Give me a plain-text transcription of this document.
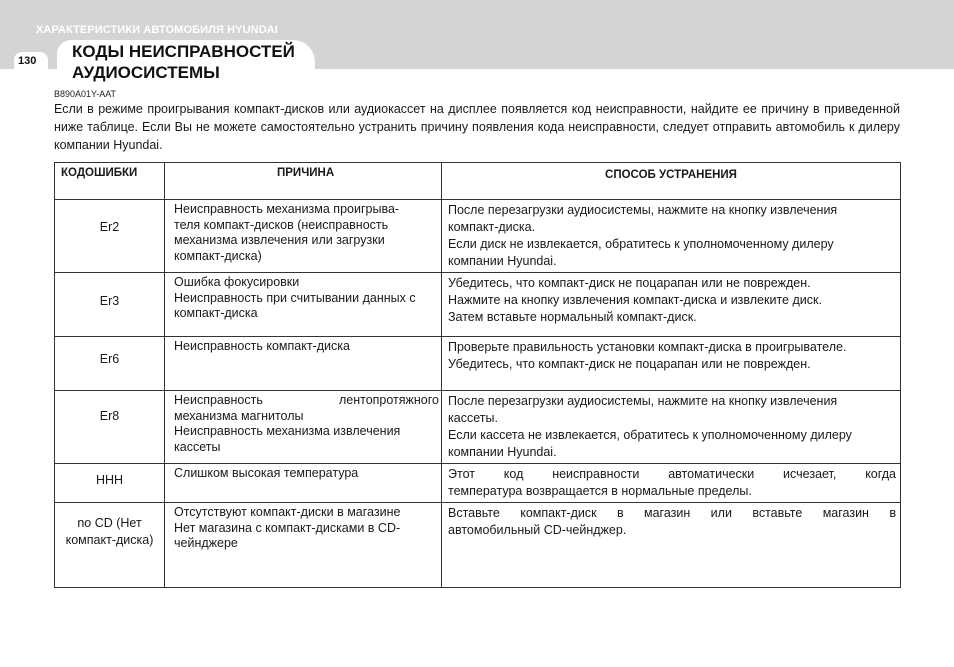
ХАРАКТЕРИСТИКИ АВТОМОБИЛЯ HYUNDAI
КОДЫ НЕИСПРАВНОСТЕЙ
АУДИОСИСТЕМЫ
130
B890A01Y-AAT
Если в режиме проигрывания компакт-дисков или аудиокассет на дисплее появляется код неисправности, найдите ее причину в приведенной ниже таблице. Если Вы не можете самостоятельно устранить причину появления кода неисправности, следует отправить автомобиль к дилеру компании Hyundai.
КОДОШИБКИ	ПРИЧИНА	СПОСОБ УСТРАНЕНИЯ

Er2	Неисправность механизма проигрыва-
теля компакт-дисков (неисправность
механизма извлечения или загрузки
компакт-диска)	После перезагрузки аудиосистемы, нажмите на кнопку извлечения
компакт-диска.
Если диск не извлекается, обратитесь к уполномоченному дилеру
компании Hyundai.

Er3	Ошибка фокусировки
Неисправность при считывании данных с
компакт-диска	Убедитесь, что компакт-диск не поцарапан или не поврежден.
Нажмите на кнопку извлечения компакт-диска и извлеките диск.
Затем вставьте нормальный компакт-диск.

Er6	Неисправность компакт-диска	Проверьте правильность установки компакт-диска в проигрывателе.
Убедитесь, что компакт-диск не поцарапан или не поврежден.

Er8	Неисправность лентопротяжного
механизма магнитолы
Неисправность механизма извлечения
кассеты	После перезагрузки аудиосистемы, нажмите на кнопку извлечения
кассеты.
Если кассета не извлекается, обратитесь к уполномоченному дилеру
компании Hyundai.

HHH	Слишком высокая температура	Этот код неисправности автоматически исчезает, когда
температура возвращается в нормальные пределы.

no CD (Нет
компакт-диска)	Отсутствуют компакт-диски в магазине
Нет магазина с компакт-дисками в CD-
чейнджере	Вставьте компакт-диск в магазин или вставьте магазин в
автомобильный CD-чейнджер.
